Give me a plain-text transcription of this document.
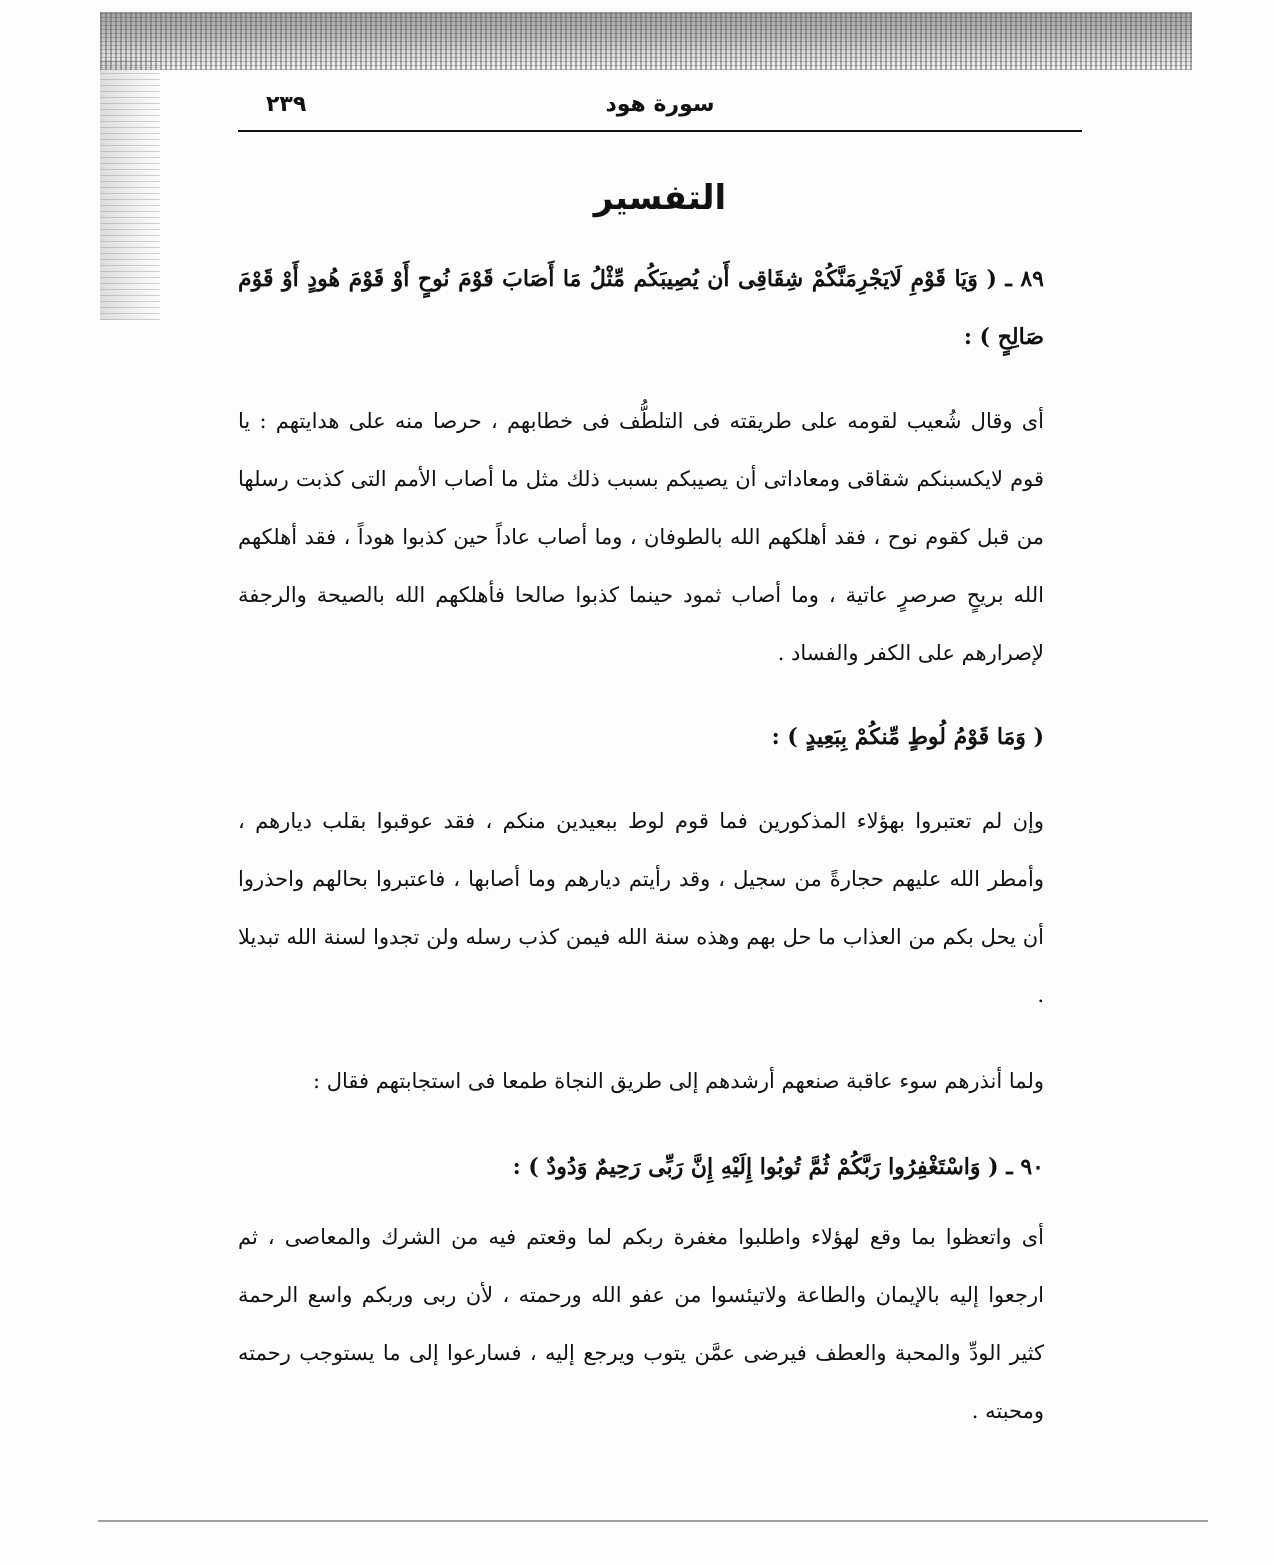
٢٣٩	سورة هود
التفسير
٨٩ ـ ( وَيَا قَوْمِ لَايَجْرِمَنَّكُمْ شِقَاقِى أَن يُصِيبَكُم مِّثْلُ مَا أَصَابَ قَوْمَ نُوحٍ أَوْ قَوْمَ هُودٍ أَوْ قَوْمَ صَالِحٍ ) :
أى وقال شُعيب لقومه على طريقته فى التلطُّف فى خطابهم ، حرصا منه على هدايتهم : يا قوم لايكسبنكم شقاقى ومعاداتى أن يصيبكم بسبب ذلك مثل ما أصاب الأمم التى كذبت رسلها من قبل كقوم نوح ، فقد أهلكهم الله بالطوفان ، وما أصاب عاداً حين كذبوا هوداً ، فقد أهلكهم الله بريحٍ صرصرٍ عاتية ، وما أصاب ثمود حينما كذبوا صالحا فأهلكهم الله بالصيحة والرجفة لإصرارهم على الكفر والفساد .
( وَمَا قَوْمُ لُوطٍ مِّنكُمْ بِبَعِيدٍ ) :
وإن لم تعتبروا بهؤلاء المذكورين فما قوم لوط ببعيدين منكم ، فقد عوقبوا بقلب ديارهم ، وأمطر الله عليهم حجارةً من سجيل ، وقد رأيتم ديارهم وما أصابها ، فاعتبروا بحالهم واحذروا أن يحل بكم من العذاب ما حل بهم وهذه سنة الله فيمن كذب رسله ولن تجدوا لسنة الله تبديلا .
ولما أنذرهم سوء عاقبة صنعهم أرشدهم إلى طريق النجاة طمعا فى استجابتهم فقال :
٩٠ ـ ( وَاسْتَغْفِرُوا رَبَّكُمْ ثُمَّ تُوبُوا إِلَيْهِ إِنَّ رَبِّى رَحِيمٌ وَدُودٌ ) :
أى واتعظوا بما وقع لهؤلاء واطلبوا مغفرة ربكم لما وقعتم فيه من الشرك والمعاصى ، ثم ارجعوا إليه بالإيمان والطاعة ولاتيئسوا من عفو الله ورحمته ، لأن ربى وربكم واسع الرحمة كثير الودِّ والمحبة والعطف فيرضى عمَّن يتوب ويرجع إليه ، فسارعوا إلى ما يستوجب رحمته ومحبته .
